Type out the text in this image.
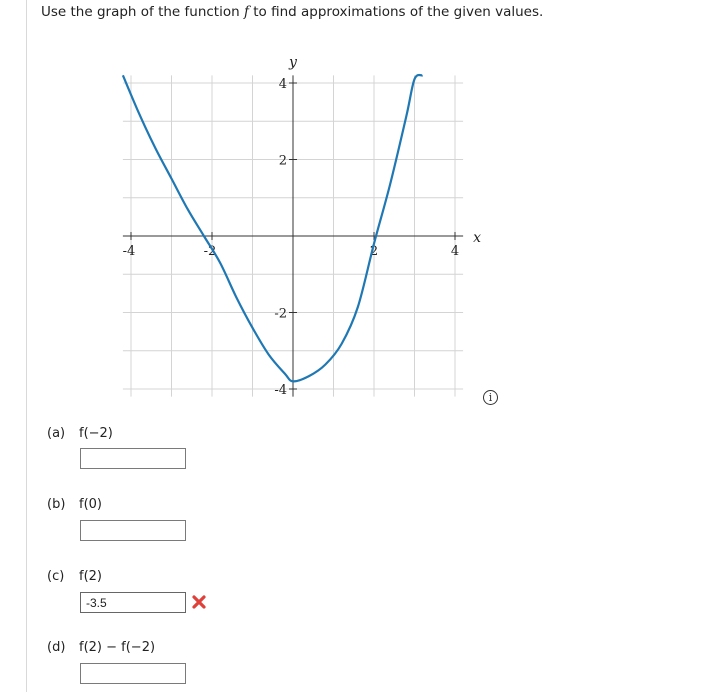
Use the graph of the function f to find approximations of the given values.
-4	-2	2	4
4
2
-2
-4
x
y
i
(a) f(−2)
(b) f(0)
(c) f(2)
-3.5
(d) f(2) − f(−2)
